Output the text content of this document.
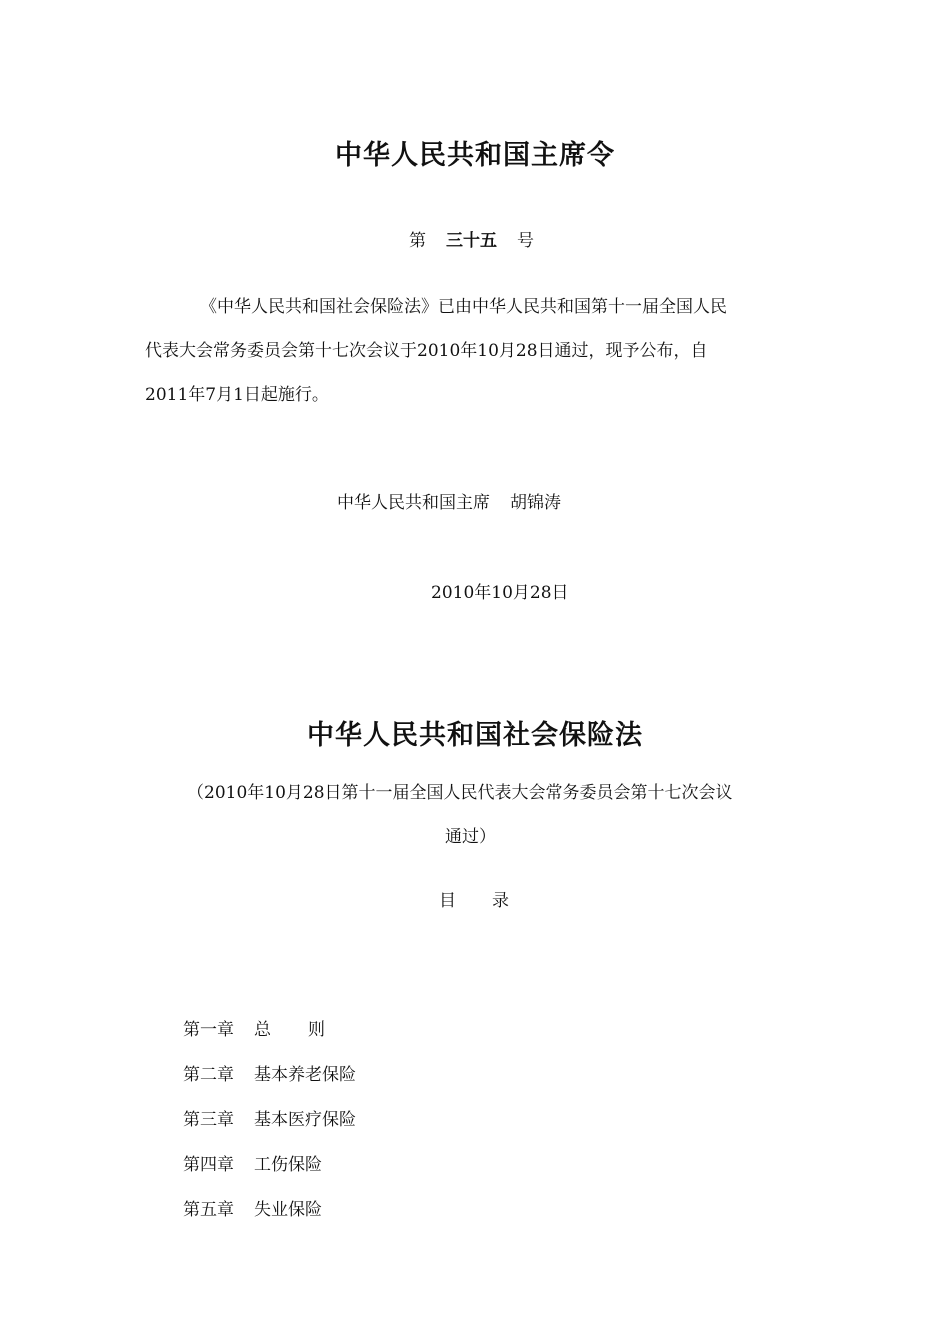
中华人民共和国主席令
第 三十五 号
《中华人民共和国社会保险法》已由中华人民共和国第十一届全国人民
代表大会常务委员会第十七次会议于2010年10月28日通过，现予公布，自
2011年7月1日起施行。
中华人民共和国主席 胡锦涛
2010年10月28日
中华人民共和国社会保险法
（2010年10月28日第十一届全国人民代表大会常务委员会第十七次会议
通过）
目 录
第一章 总 则
第二章 基本养老保险
第三章 基本医疗保险
第四章 工伤保险
第五章 失业保险
